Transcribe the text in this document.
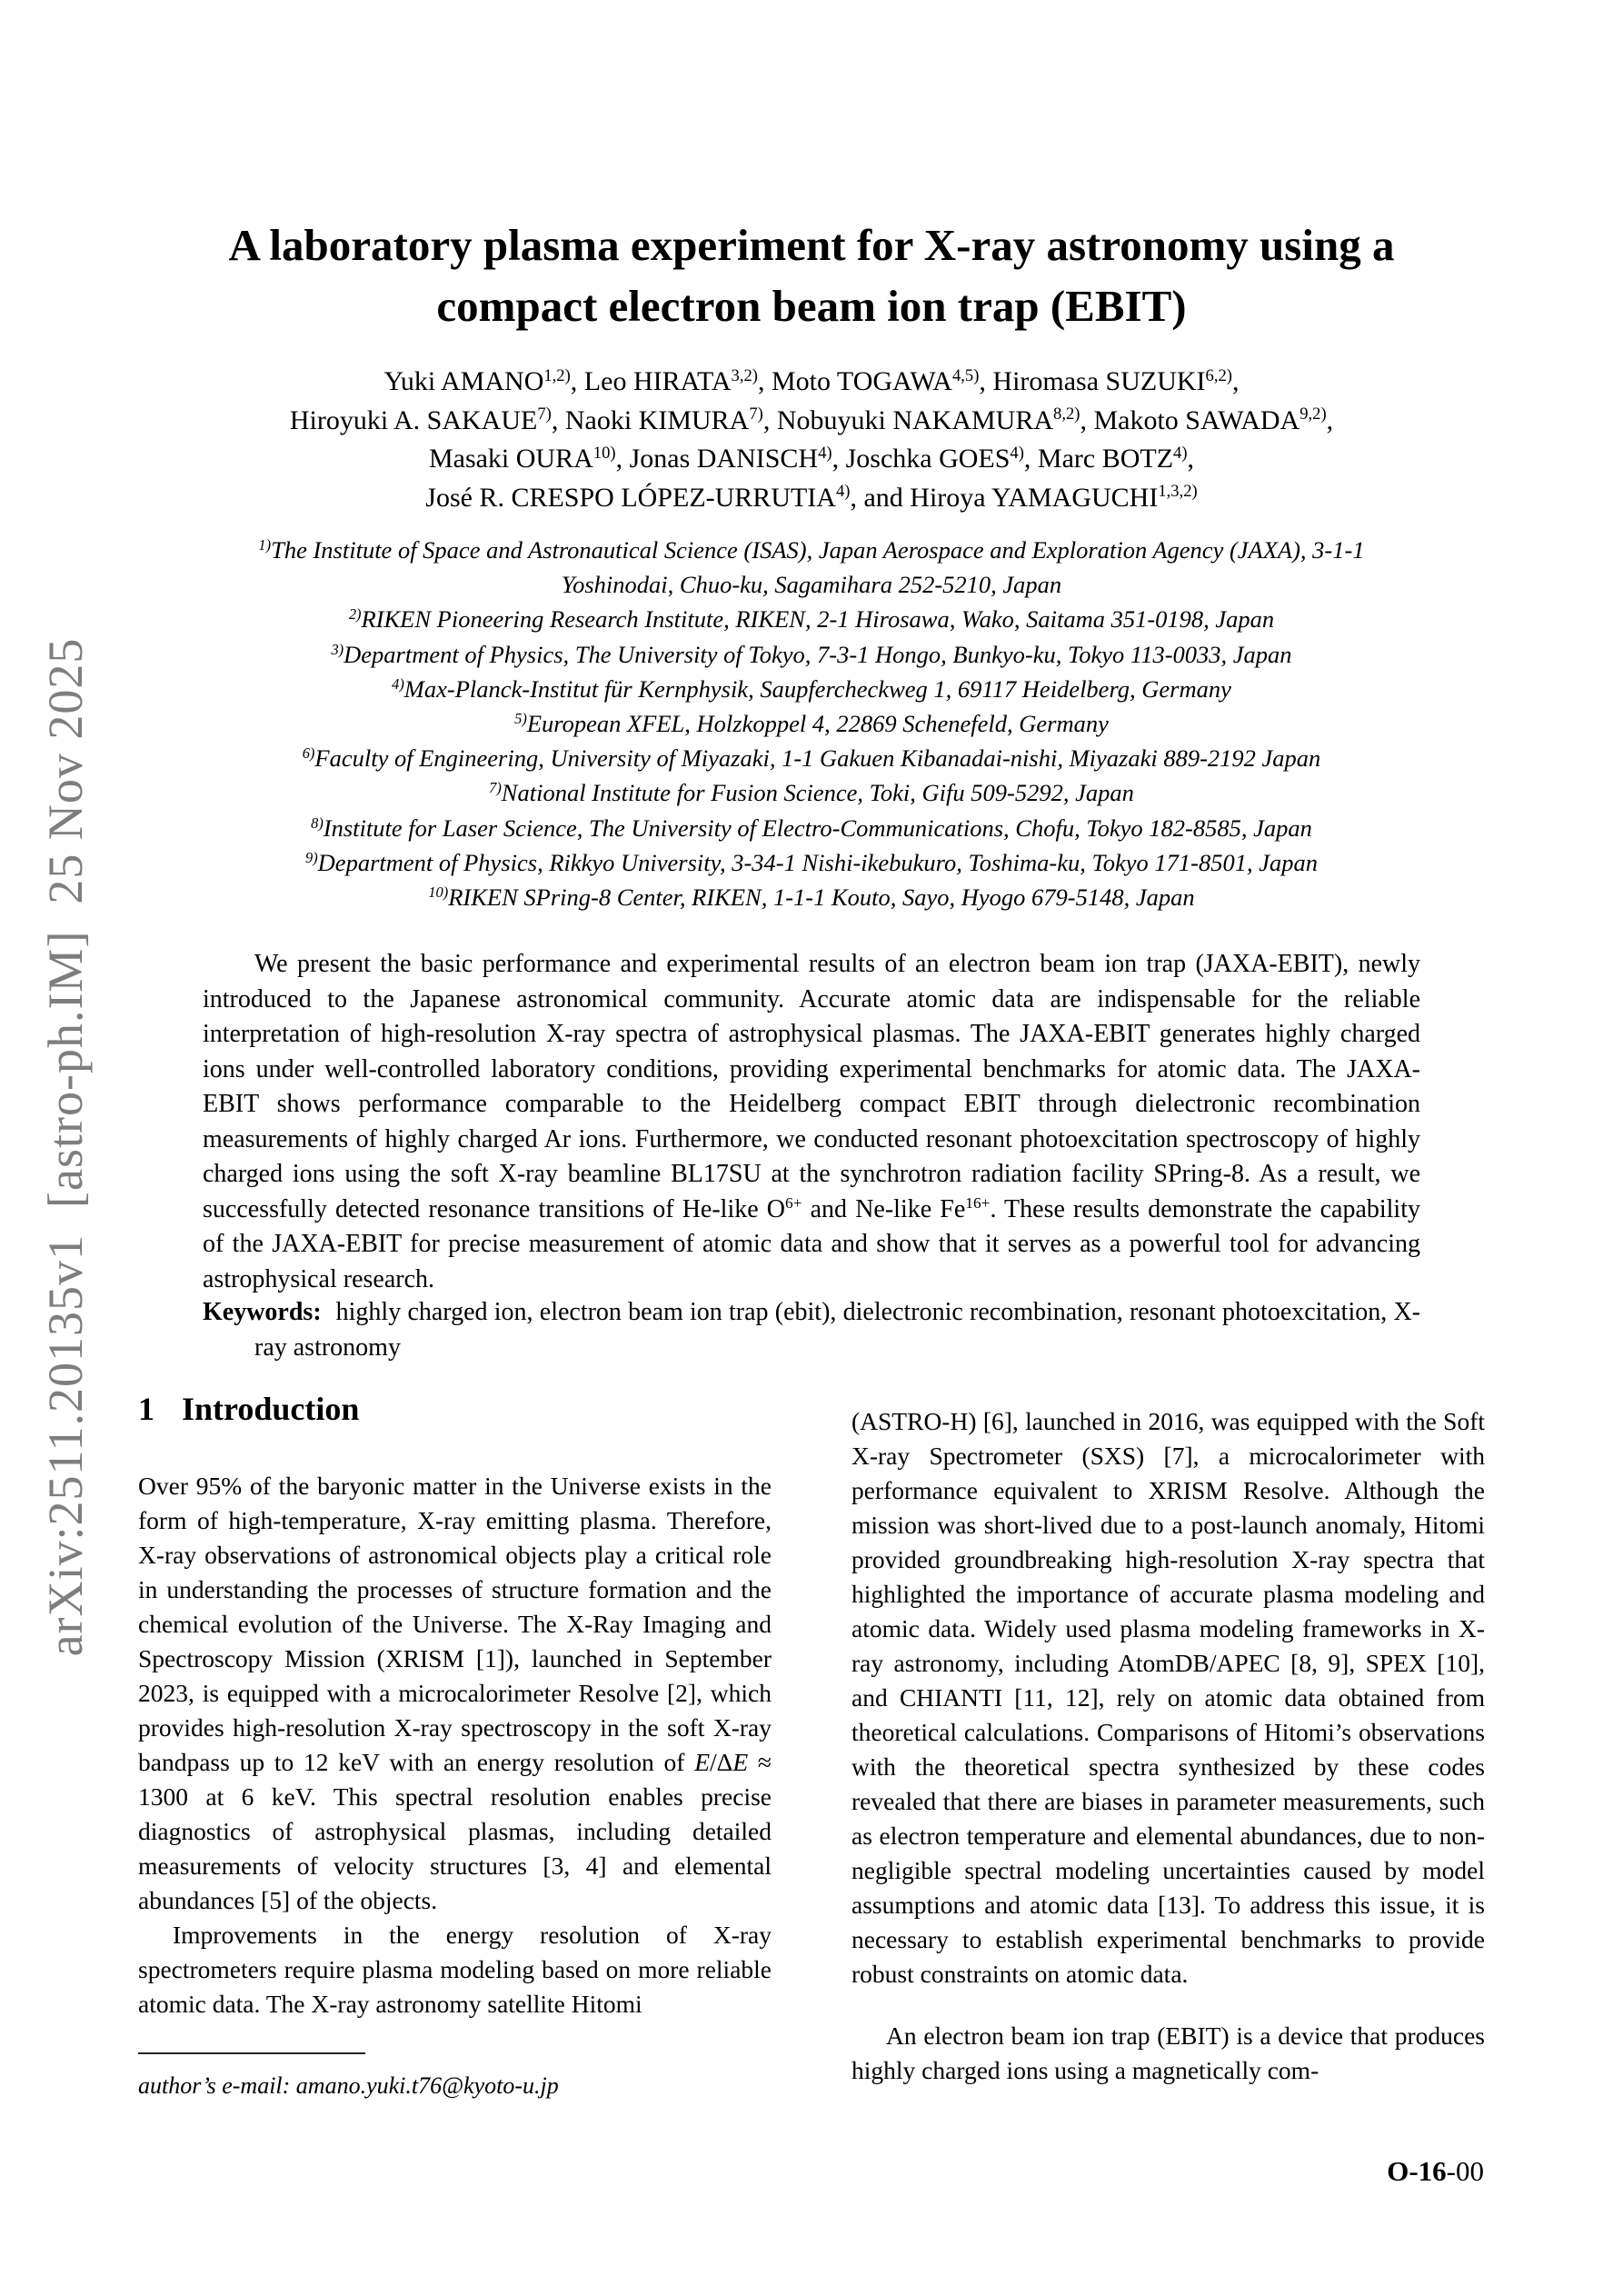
arXiv:2511.20135v1  [astro-ph.IM]  25 Nov 2025
A laboratory plasma experiment for X-ray astronomy using a
compact electron beam ion trap (EBIT)
Yuki AMANO$^{1,2)}$, Leo HIRATA$^{3,2)}$, Moto TOGAWA$^{4,5)}$, Hiromasa SUZUKI$^{6,2)}$,
Hiroyuki A. SAKAUE$^{7)}$, Naoki KIMURA$^{7)}$, Nobuyuki NAKAMURA$^{8,2)}$, Makoto SAWADA$^{9,2)}$,
Masaki OURA$^{10)}$, Jonas DANISCH$^{4)}$, Joschka GOES$^{4)}$, Marc BOTZ$^{4)}$,
José R. CRESPO LÓPEZ-URRUTIA$^{4)}$, and Hiroya YAMAGUCHI$^{1,3,2)}$
$^{1)}$The Institute of Space and Astronautical Science (ISAS), Japan Aerospace and Exploration Agency (JAXA), 3-1-1
Yoshinodai, Chuo-ku, Sagamihara 252-5210, Japan
$^{2)}$RIKEN Pioneering Research Institute, RIKEN, 2-1 Hirosawa, Wako, Saitama 351-0198, Japan
$^{3)}$Department of Physics, The University of Tokyo, 7-3-1 Hongo, Bunkyo-ku, Tokyo 113-0033, Japan
$^{4)}$Max-Planck-Institut für Kernphysik, Saupfercheckweg 1, 69117 Heidelberg, Germany
$^{5)}$European XFEL, Holzkoppel 4, 22869 Schenefeld, Germany
$^{6)}$Faculty of Engineering, University of Miyazaki, 1-1 Gakuen Kibanadai-nishi, Miyazaki 889-2192 Japan
$^{7)}$National Institute for Fusion Science, Toki, Gifu 509-5292, Japan
$^{8)}$Institute for Laser Science, The University of Electro-Communications, Chofu, Tokyo 182-8585, Japan
$^{9)}$Department of Physics, Rikkyo University, 3-34-1 Nishi-ikebukuro, Toshima-ku, Tokyo 171-8501, Japan
$^{10)}$RIKEN SPring-8 Center, RIKEN, 1-1-1 Kouto, Sayo, Hyogo 679-5148, Japan
We present the basic performance and experimental results of an electron beam ion trap (JAXA-EBIT), newly introduced to the Japanese astronomical community. Accurate atomic data are indispensable for the reliable interpretation of high-resolution X-ray spectra of astrophysical plasmas. The JAXA-EBIT generates highly charged ions under well-controlled laboratory conditions, providing experimental benchmarks for atomic data. The JAXA-EBIT shows performance comparable to the Heidelberg compact EBIT through dielectronic recombination measurements of highly charged Ar ions. Furthermore, we conducted resonant photoexcitation spectroscopy of highly charged ions using the soft X-ray beamline BL17SU at the synchrotron radiation facility SPring-8. As a result, we successfully detected resonance transitions of He-like $O^{6+}$ and Ne-like $Fe^{16+}$. These results demonstrate the capability of the JAXA-EBIT for precise measurement of atomic data and show that it serves as a powerful tool for advancing astrophysical research.
Keywords: highly charged ion, electron beam ion trap (ebit), dielectronic recombination, resonant photoexcitation, X-ray astronomy
1 Introduction

Over 95% of the baryonic matter in the Universe exists in the form of high-temperature, X-ray emitting plasma. Therefore, X-ray observations of astronomical objects play a critical role in understanding the processes of structure formation and the chemical evolution of the Universe. The X-Ray Imaging and Spectroscopy Mission (XRISM [1]), launched in September 2023, is equipped with a microcalorimeter Resolve [2], which provides high-resolution X-ray spectroscopy in the soft X-ray bandpass up to 12 keV with an energy resolution of E/ΔE ≈ 1300 at 6 keV. This spectral resolution enables precise diagnostics of astrophysical plasmas, including detailed measurements of velocity structures [3, 4] and elemental abundances [5] of the objects.

Improvements in the energy resolution of X-ray spectrometers require plasma modeling based on more reliable atomic data. The X-ray astronomy satellite Hitomi

(ASTRO-H) [6], launched in 2016, was equipped with the Soft X-ray Spectrometer (SXS) [7], a microcalorimeter with performance equivalent to XRISM Resolve. Although the mission was short-lived due to a post-launch anomaly, Hitomi provided groundbreaking high-resolution X-ray spectra that highlighted the importance of accurate plasma modeling and atomic data. Widely used plasma modeling frameworks in X-ray astronomy, including AtomDB/APEC [8, 9], SPEX [10], and CHIANTI [11, 12], rely on atomic data obtained from theoretical calculations. Comparisons of Hitomi’s observations with the theoretical spectra synthesized by these codes revealed that there are biases in parameter measurements, such as electron temperature and elemental abundances, due to non-negligible spectral modeling uncertainties caused by model assumptions and atomic data [13]. To address this issue, it is necessary to establish experimental benchmarks to provide robust constraints on atomic data.

An electron beam ion trap (EBIT) is a device that produces highly charged ions using a magnetically com-

author’s e-mail: amano.yuki.t76@kyoto-u.jp
O-16-00
